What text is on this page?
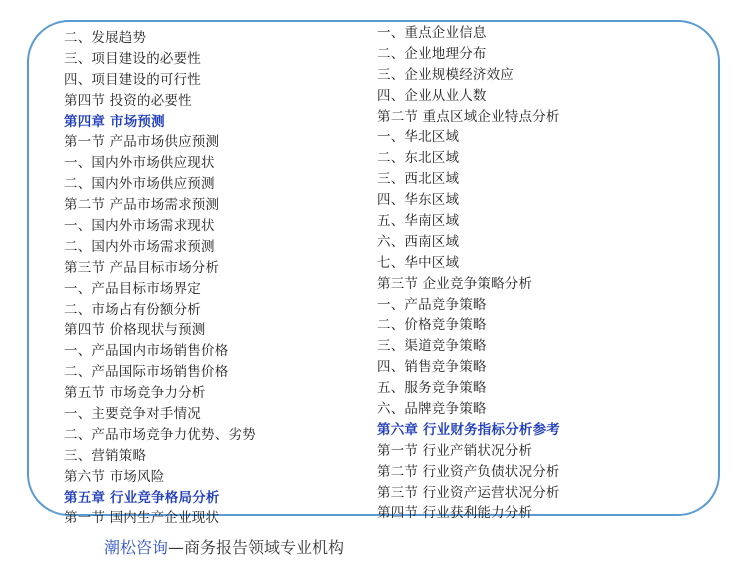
二、发展趋势
三、项目建设的必要性
四、项目建设的可行性
第四节 投资的必要性
第四章 市场预测
第一节 产品市场供应预测
一、国内外市场供应现状
二、国内外市场供应预测
第二节 产品市场需求预测
一、国内外市场需求现状
二、国内外市场需求预测
第三节 产品目标市场分析
一、产品目标市场界定
二、市场占有份额分析
第四节 价格现状与预测
一、产品国内市场销售价格
二、产品国际市场销售价格
第五节 市场竞争力分析
一、主要竞争对手情况
二、产品市场竞争力优势、劣势
三、营销策略
第六节 市场风险
第五章 行业竞争格局分析
第一节 国内生产企业现状
一、重点企业信息
二、企业地理分布
三、企业规模经济效应
四、企业从业人数
第二节 重点区域企业特点分析
一、华北区域
二、东北区域
三、西北区域
四、华东区域
五、华南区域
六、西南区域
七、华中区域
第三节 企业竞争策略分析
一、产品竞争策略
二、价格竞争策略
三、渠道竞争策略
四、销售竞争策略
五、服务竞争策略
六、品牌竞争策略
第六章 行业财务指标分析参考
第一节 行业产销状况分析
第二节 行业资产负债状况分析
第三节 行业资产运营状况分析
第四节 行业获利能力分析
潮松咨询—商务报告领域专业机构
